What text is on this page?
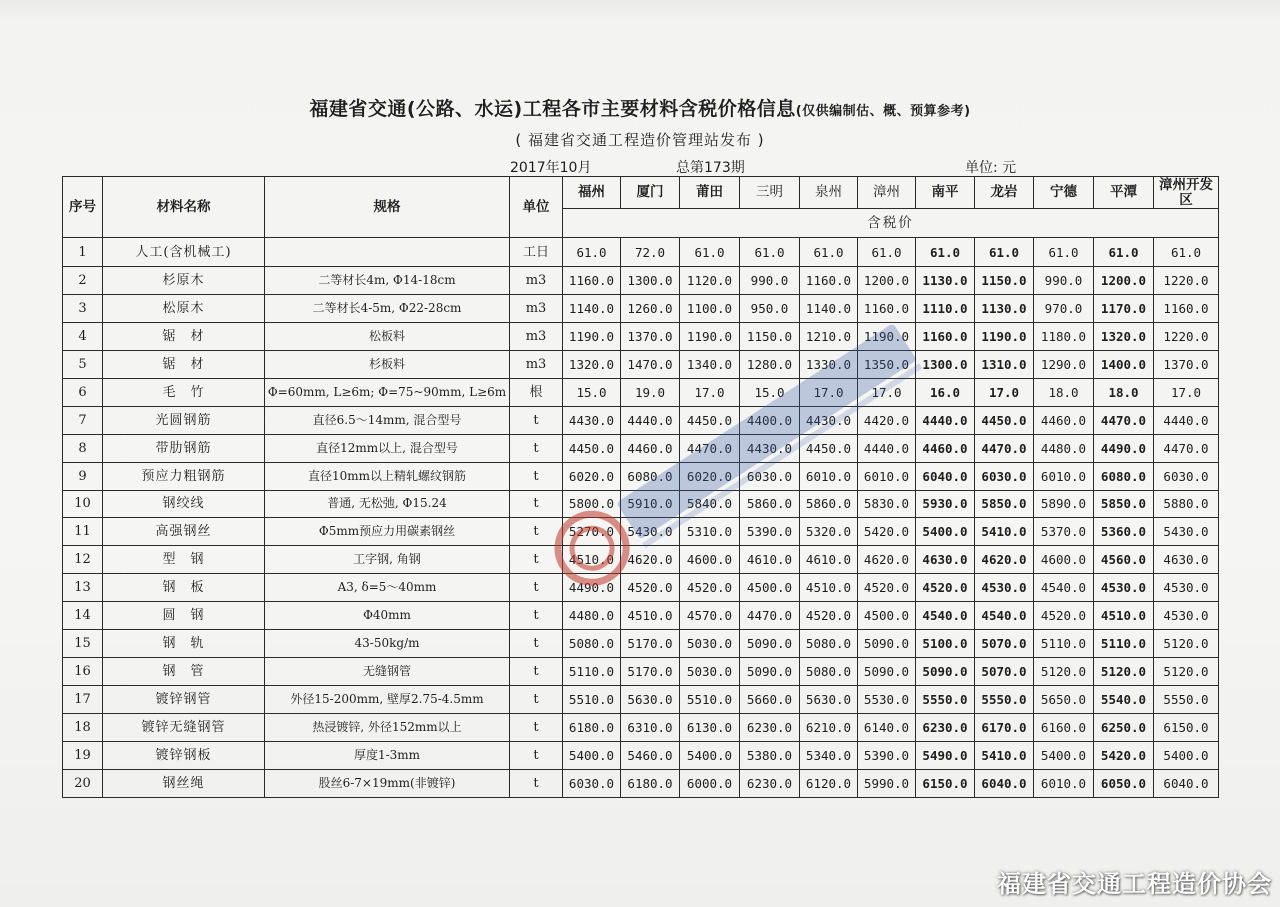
福建省交通(公路、水运)工程各市主要材料含税价格信息(仅供编制估、概、预算参考)
( 福建省交通工程造价管理站发布 )
2017年10月	总第173期	单位: 元
序号	材料名称	规格	单位	福州	厦门	莆田	三明	泉州	漳州	南平	龙岩	宁德	平潭	漳州开发区
				含税价										
1	人工(含机械工)		工日	61.0	72.0	61.0	61.0	61.0	61.0	61.0	61.0	61.0	61.0	61.0
2	杉原木	二等材长4m, Φ14-18cm	m3	1160.0	1300.0	1120.0	990.0	1160.0	1200.0	1130.0	1150.0	990.0	1200.0	1220.0
3	松原木	二等材长4-5m, Φ22-28cm	m3	1140.0	1260.0	1100.0	950.0	1140.0	1160.0	1110.0	1130.0	970.0	1170.0	1160.0
4	锯　材	松板料	m3	1190.0	1370.0	1190.0	1150.0	1210.0	1190.0	1160.0	1190.0	1180.0	1320.0	1220.0
5	锯　材	杉板料	m3	1320.0	1470.0	1340.0	1280.0	1330.0	1350.0	1300.0	1310.0	1290.0	1400.0	1370.0
6	毛　竹	Φ=60mm, L≥6m; Φ=75~90mm, L≥6m	根	15.0	19.0	17.0	15.0	17.0	17.0	16.0	17.0	18.0	18.0	17.0
7	光圆钢筋	直径6.5～14mm, 混合型号	t	4430.0	4440.0	4450.0	4400.0	4430.0	4420.0	4440.0	4450.0	4460.0	4470.0	4440.0
8	带肋钢筋	直径12mm以上, 混合型号	t	4450.0	4460.0	4470.0	4430.0	4450.0	4440.0	4460.0	4470.0	4480.0	4490.0	4470.0
9	预应力粗钢筋	直径10mm以上精轧螺纹钢筋	t	6020.0	6080.0	6020.0	6030.0	6010.0	6010.0	6040.0	6030.0	6010.0	6080.0	6030.0
10	钢绞线	普通, 无松弛, Φ15.24	t	5800.0	5910.0	5840.0	5860.0	5860.0	5830.0	5930.0	5850.0	5890.0	5850.0	5880.0
11	高强钢丝	Φ5mm预应力用碳素钢丝	t	5270.0	5430.0	5310.0	5390.0	5320.0	5420.0	5400.0	5410.0	5370.0	5360.0	5430.0
12	型　钢	工字钢, 角钢	t	4510.0	4620.0	4600.0	4610.0	4610.0	4620.0	4630.0	4620.0	4600.0	4560.0	4630.0
13	钢　板	A3, δ=5～40mm	t	4490.0	4520.0	4520.0	4500.0	4510.0	4520.0	4520.0	4530.0	4540.0	4530.0	4530.0
14	圆　钢	Φ40mm	t	4480.0	4510.0	4570.0	4470.0	4520.0	4500.0	4540.0	4540.0	4520.0	4510.0	4530.0
15	钢　轨	43-50kg/m	t	5080.0	5170.0	5030.0	5090.0	5080.0	5090.0	5100.0	5070.0	5110.0	5110.0	5120.0
16	钢　管	无缝钢管	t	5110.0	5170.0	5030.0	5090.0	5080.0	5090.0	5090.0	5070.0	5120.0	5120.0	5120.0
17	镀锌钢管	外径15-200mm, 壁厚2.75-4.5mm	t	5510.0	5630.0	5510.0	5660.0	5630.0	5530.0	5550.0	5550.0	5650.0	5540.0	5550.0
18	镀锌无缝钢管	热浸镀锌, 外径152mm以上	t	6180.0	6310.0	6130.0	6230.0	6210.0	6140.0	6230.0	6170.0	6160.0	6250.0	6150.0
19	镀锌钢板	厚度1-3mm	t	5400.0	5460.0	5400.0	5380.0	5340.0	5390.0	5490.0	5410.0	5400.0	5420.0	5400.0
20	钢丝绳	股丝6-7×19mm(非镀锌)	t	6030.0	6180.0	6000.0	6230.0	6120.0	5990.0	6150.0	6040.0	6010.0	6050.0	6040.0
福建省交通工程造价协会
